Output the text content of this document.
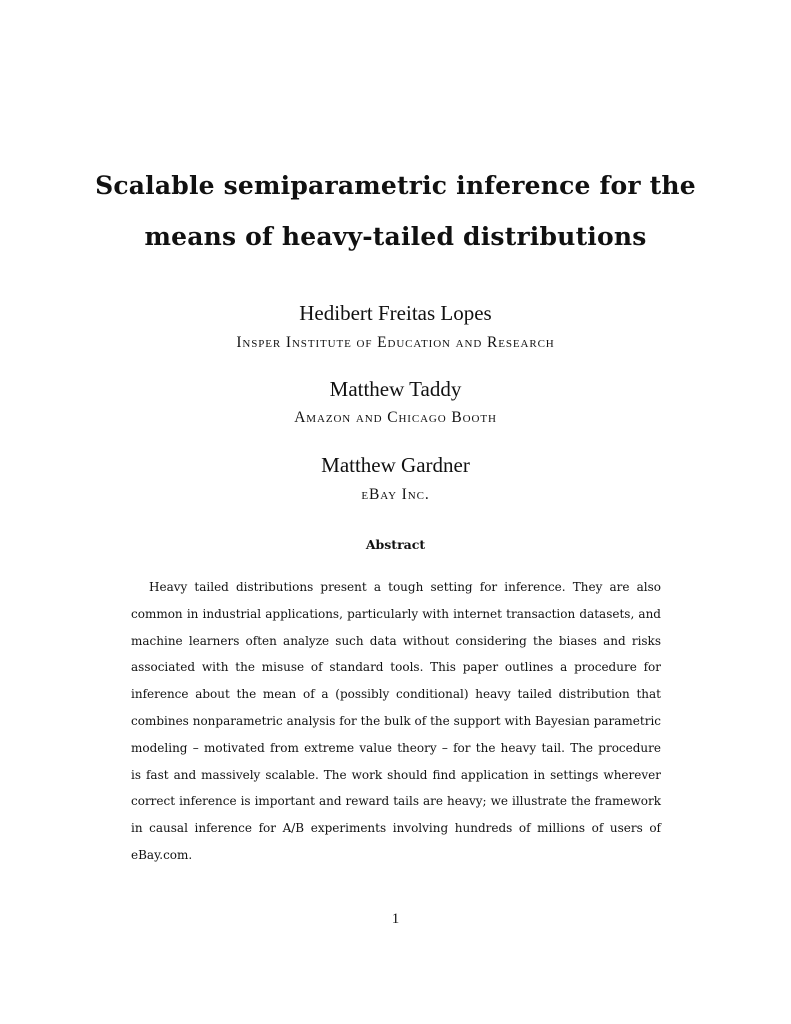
Scalable semiparametric inference for the means of heavy-tailed distributions
Hedibert Freitas Lopes
Insper Institute of Education and Research
Matthew Taddy
Amazon and Chicago Booth
Matthew Gardner
eBay Inc.
Abstract
Heavy tailed distributions present a tough setting for inference. They are also
common in industrial applications, particularly with internet transaction datasets, and
machine learners often analyze such data without considering the biases and risks
associated with the misuse of standard tools. This paper outlines a procedure for
inference about the mean of a (possibly conditional) heavy tailed distribution that
combines nonparametric analysis for the bulk of the support with Bayesian parametric
modeling – motivated from extreme value theory – for the heavy tail. The procedure
is fast and massively scalable. The work should find application in settings wherever
correct inference is important and reward tails are heavy; we illustrate the framework
in causal inference for A/B experiments involving hundreds of millions of users of
eBay.com.
1
